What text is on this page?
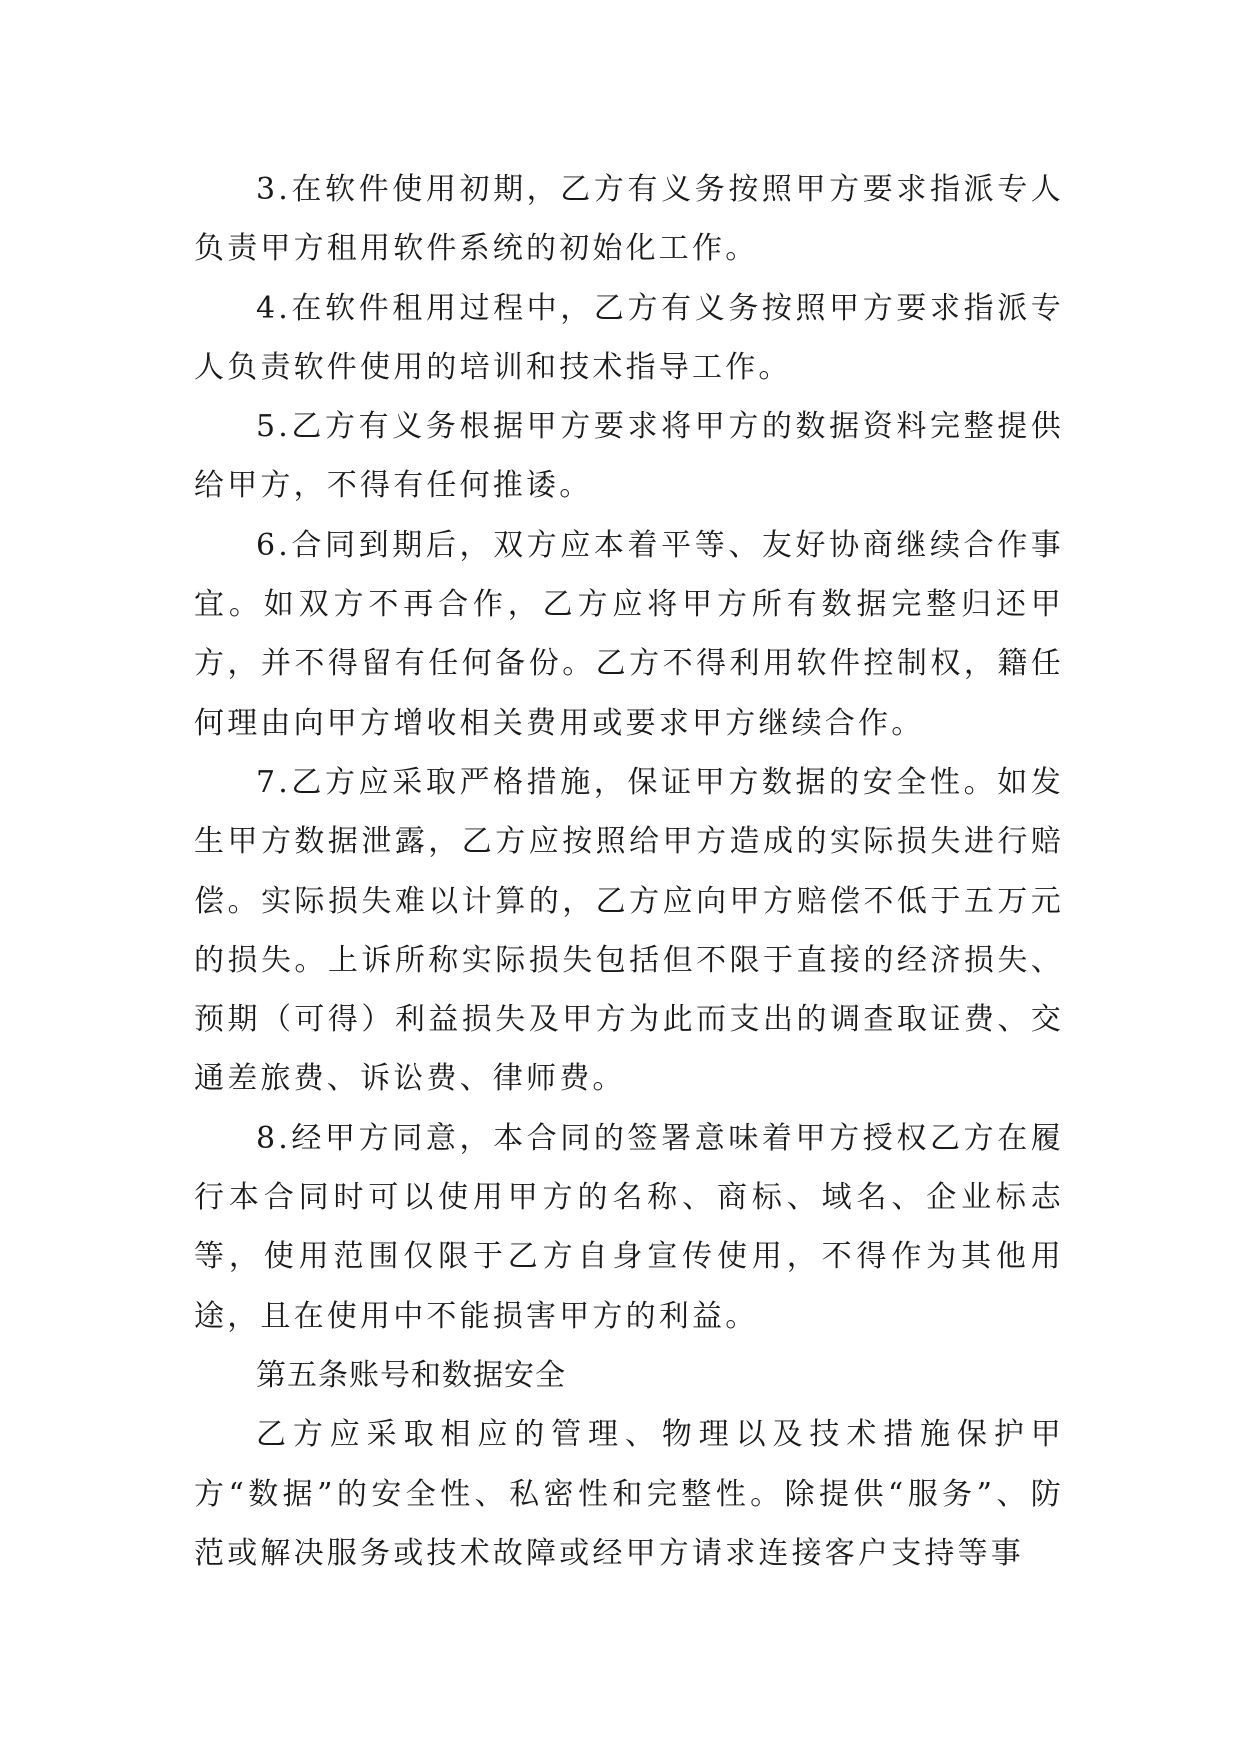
3.在软件使用初期，乙方有义务按照甲方要求指派专人负责甲方租用软件系统的初始化工作。

4.在软件租用过程中，乙方有义务按照甲方要求指派专人负责软件使用的培训和技术指导工作。

5.乙方有义务根据甲方要求将甲方的数据资料完整提供给甲方，不得有任何推诿。

6.合同到期后，双方应本着平等、友好协商继续合作事宜。如双方不再合作，乙方应将甲方所有数据完整归还甲方，并不得留有任何备份。乙方不得利用软件控制权，籍任何理由向甲方增收相关费用或要求甲方继续合作。

7.乙方应采取严格措施，保证甲方数据的安全性。如发生甲方数据泄露，乙方应按照给甲方造成的实际损失进行赔偿。实际损失难以计算的，乙方应向甲方赔偿不低于五万元的损失。上诉所称实际损失包括但不限于直接的经济损失、预期（可得）利益损失及甲方为此而支出的调查取证费、交通差旅费、诉讼费、律师费。

8.经甲方同意，本合同的签署意味着甲方授权乙方在履行本合同时可以使用甲方的名称、商标、域名、企业标志等，使用范围仅限于乙方自身宣传使用，不得作为其他用途，且在使用中不能损害甲方的利益。

第五条账号和数据安全

乙方应采取相应的管理、物理以及技术措施保护甲方“数据”的安全性、私密性和完整性。除提供“服务”、防范或解决服务或技术故障或经甲方请求连接客户支持等事
